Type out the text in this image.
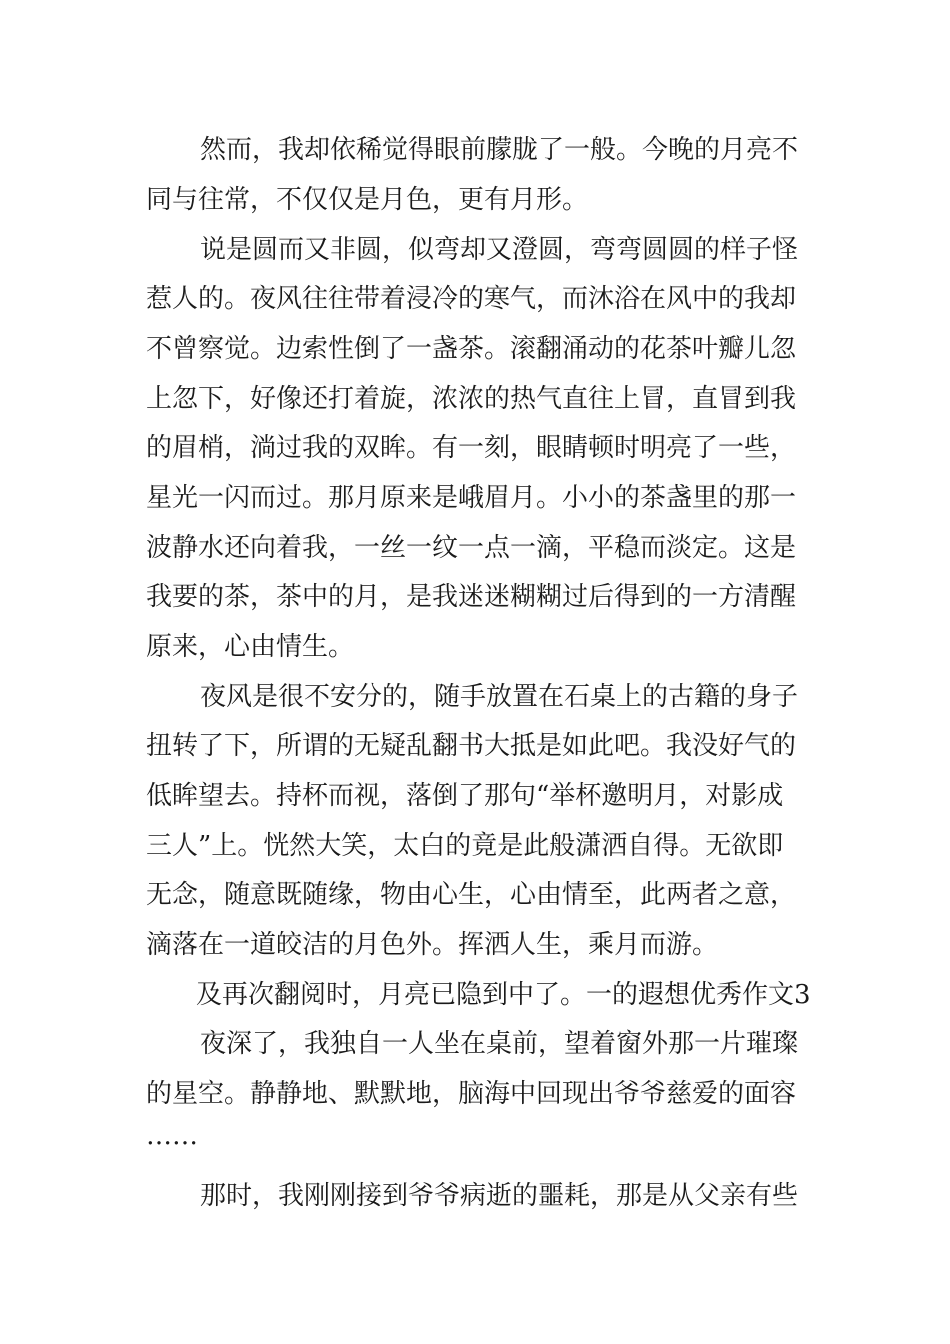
然而，我却依稀觉得眼前朦胧了一般。今晚的月亮不
同与往常，不仅仅是月色，更有月形。
说是圆而又非圆，似弯却又澄圆，弯弯圆圆的样子怪
惹人的。夜风往往带着浸冷的寒气，而沐浴在风中的我却
不曾察觉。边索性倒了一盏茶。滚翻涌动的花茶叶瓣儿忽
上忽下，好像还打着旋，浓浓的热气直往上冒，直冒到我
的眉梢，淌过我的双眸。有一刻，眼睛顿时明亮了一些，
星光一闪而过。那月原来是峨眉月。小小的茶盏里的那一
波静水还向着我，一丝一纹一点一滴，平稳而淡定。这是
我要的茶，茶中的月，是我迷迷糊糊过后得到的一方清醒
原来，心由情生。
夜风是很不安分的，随手放置在石桌上的古籍的身子
扭转了下，所谓的无疑乱翻书大抵是如此吧。我没好气的
低眸望去。持杯而视，落倒了那句“举杯邀明月，对影成
三人”上。恍然大笑，太白的竟是此般潇洒自得。无欲即
无念，随意既随缘，物由心生，心由情至，此两者之意，
滴落在一道皎洁的月色外。挥洒人生，乘月而游。
及再次翻阅时，月亮已隐到中了。一的遐想优秀作文3
夜深了，我独自一人坐在桌前，望着窗外那一片璀璨
的星空。静静地、默默地，脑海中回现出爷爷慈爱的面容
……
那时，我刚刚接到爷爷病逝的噩耗，那是从父亲有些
